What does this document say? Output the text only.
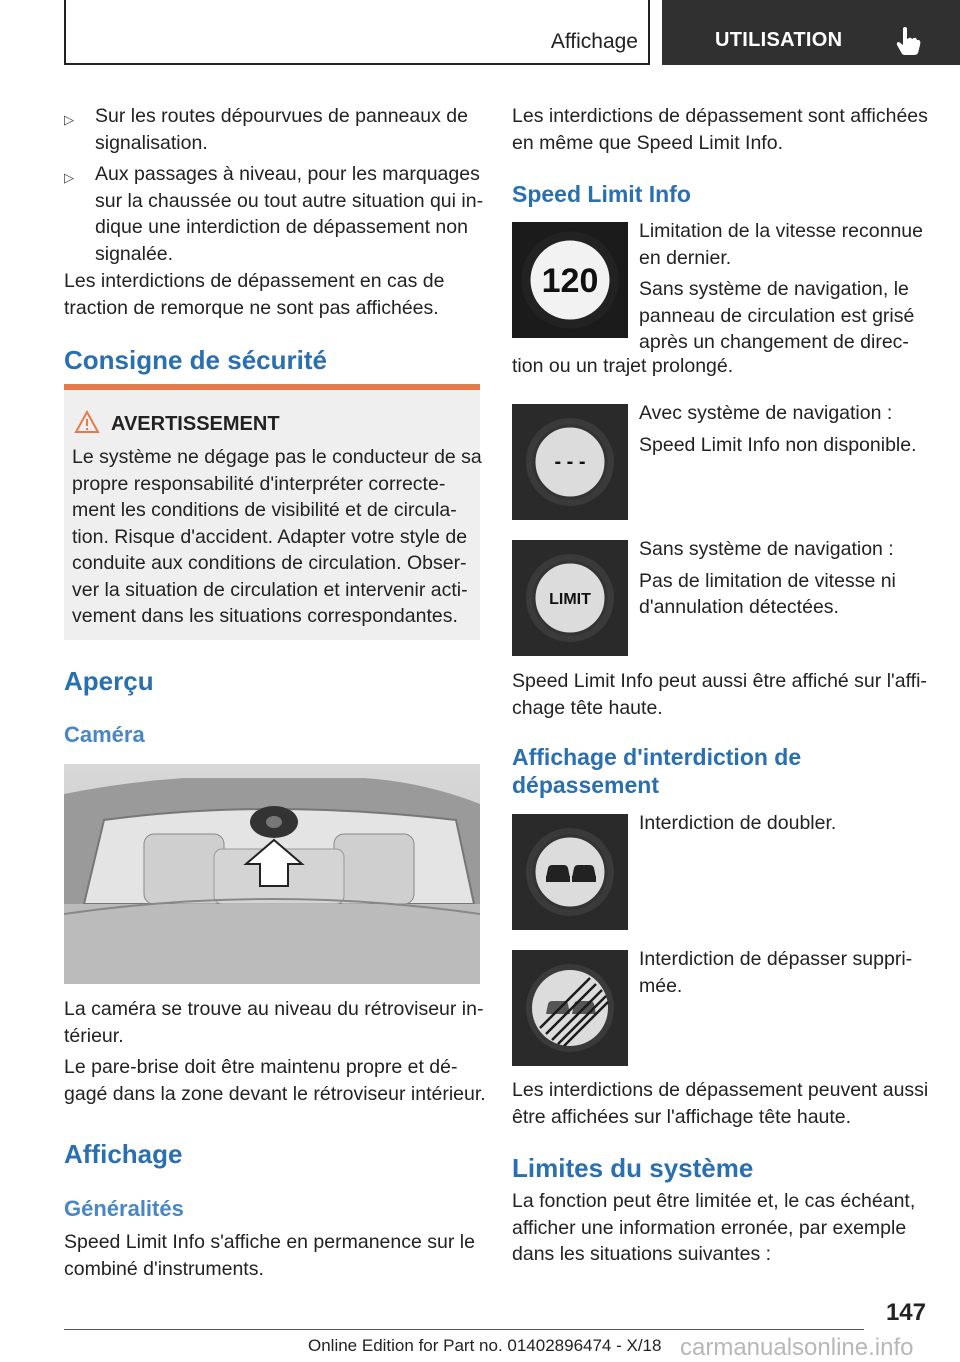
Affichage	UTILISATION
▷ Sur les routes dépourvues de panneaux de
signalisation.
▷ Aux passages à niveau, pour les marquages
sur la chaussée ou tout autre situation qui in‐
dique une interdiction de dépassement non
signalée.
Les interdictions de dépassement en cas de
traction de remorque ne sont pas affichées.
Consigne de sécurité
AVERTISSEMENT
Le système ne dégage pas le conducteur de sa
propre responsabilité d'interpréter correcte‐
ment les conditions de visibilité et de circula‐
tion. Risque d'accident. Adapter votre style de
conduite aux conditions de circulation. Obser‐
ver la situation de circulation et intervenir acti‐
vement dans les situations correspondantes.
Aperçu
Caméra
La caméra se trouve au niveau du rétroviseur in‐
térieur.
Le pare-brise doit être maintenu propre et dé‐
gagé dans la zone devant le rétroviseur intérieur.
Affichage
Généralités
Speed Limit Info s'affiche en permanence sur le
combiné d'instruments.
Les interdictions de dépassement sont affichées
en même que Speed Limit Info.
Speed Limit Info
120
Limitation de la vitesse reconnue
en dernier.
Sans système de navigation, le
panneau de circulation est grisé
après un changement de direc‐
tion ou un trajet prolongé.
- - -
Avec système de navigation :
Speed Limit Info non disponible.
LIMIT
Sans système de navigation :
Pas de limitation de vitesse ni
d'annulation détectées.
Speed Limit Info peut aussi être affiché sur l'affi‐
chage tête haute.
Affichage d'interdiction de
dépassement
Interdiction de doubler.
Interdiction de dépasser suppri‐
mée.
Les interdictions de dépassement peuvent aussi
être affichées sur l'affichage tête haute.
Limites du système
La fonction peut être limitée et, le cas échéant,
afficher une information erronée, par exemple
dans les situations suivantes :
147
Online Edition for Part no. 01402896474 - X/18 carmanualsonline.info
